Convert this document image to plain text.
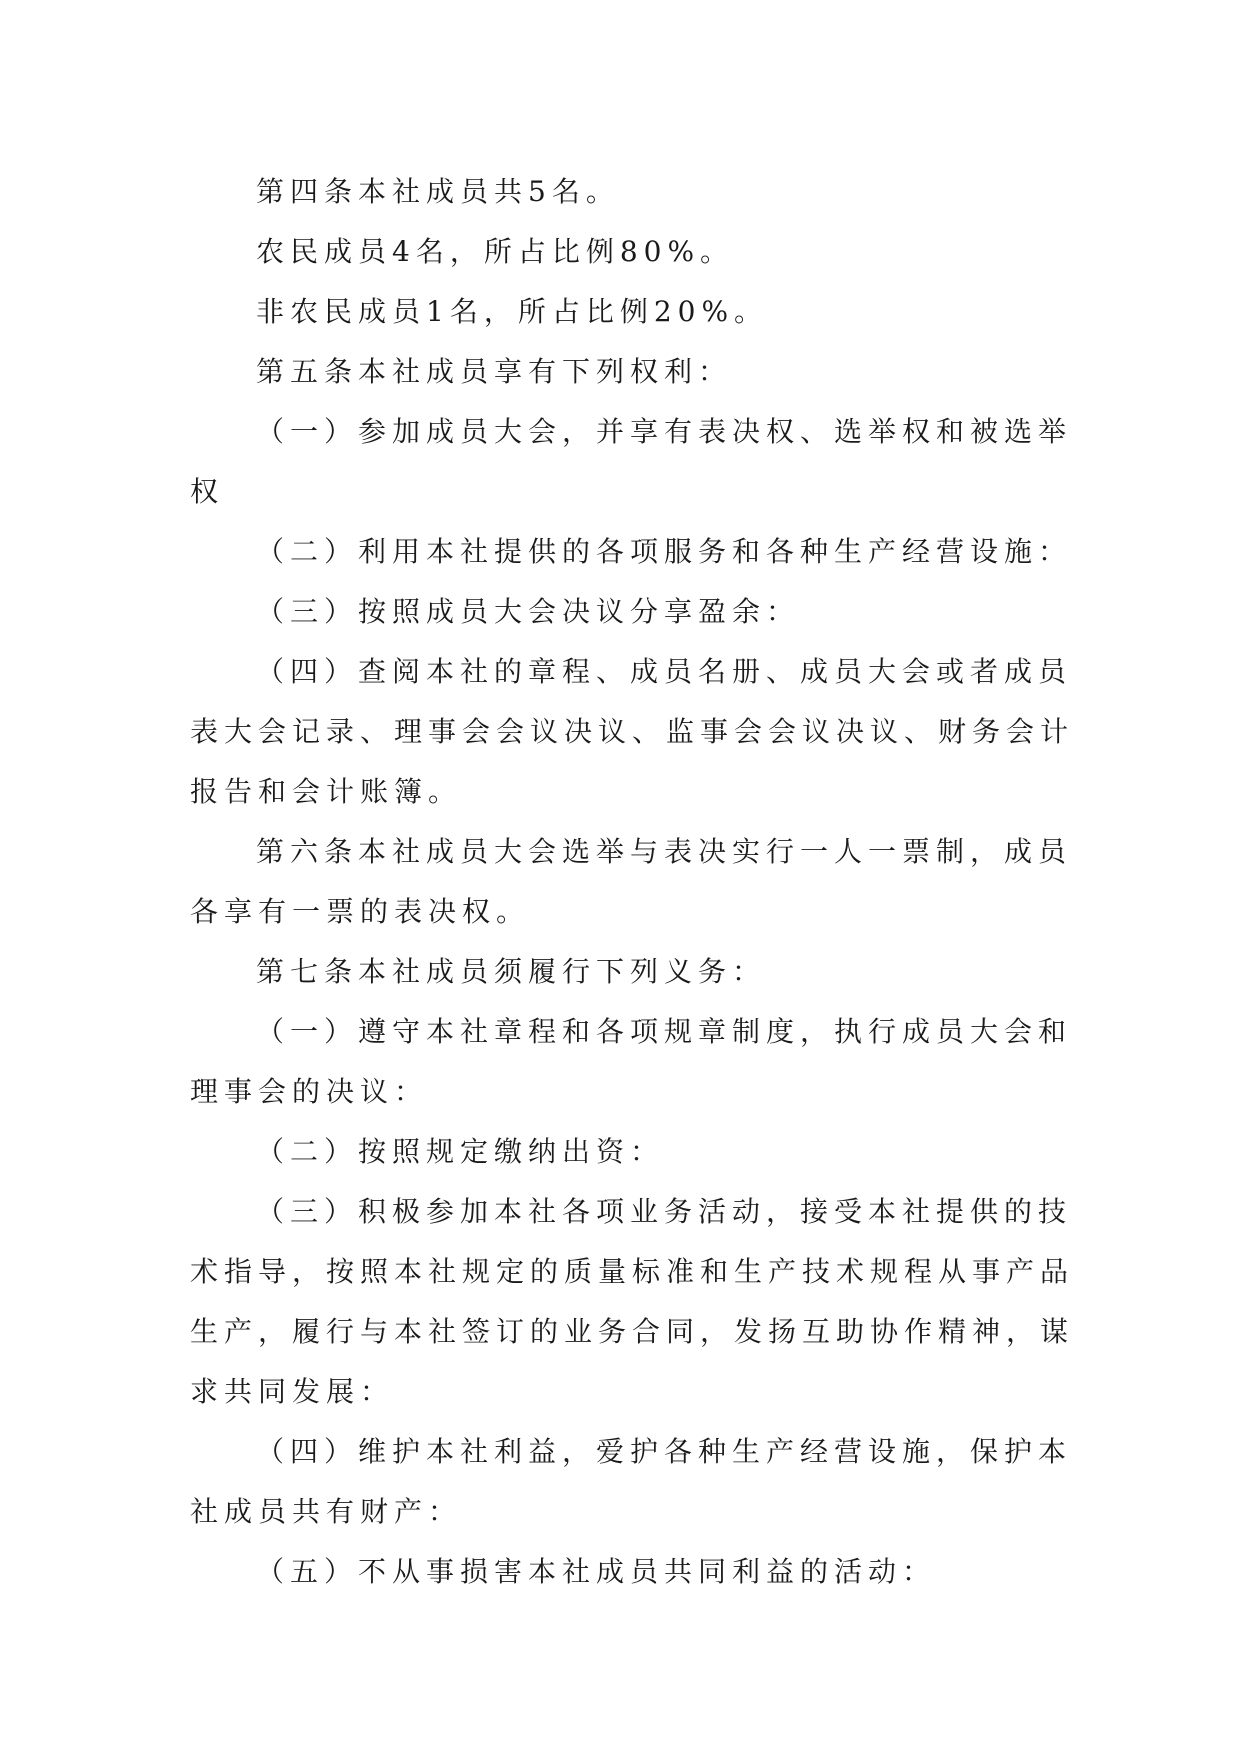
第四条本社成员共5名。
农民成员4名，所占比例80%。
非农民成员1名，所占比例20%。
第五条本社成员享有下列权利：
（一）参加成员大会，并享有表决权、选举权和被选举
权
（二）利用本社提供的各项服务和各种生产经营设施：
（三）按照成员大会决议分享盈余：
（四）查阅本社的章程、成员名册、成员大会或者成员
表大会记录、理事会会议决议、监事会会议决议、财务会计
报告和会计账簿。
第六条本社成员大会选举与表决实行一人一票制，成员
各享有一票的表决权。
第七条本社成员须履行下列义务：
（一）遵守本社章程和各项规章制度，执行成员大会和
理事会的决议：
（二）按照规定缴纳出资：
（三）积极参加本社各项业务活动，接受本社提供的技
术指导，按照本社规定的质量标准和生产技术规程从事产品
生产，履行与本社签订的业务合同，发扬互助协作精神，谋
求共同发展：
（四）维护本社利益，爱护各种生产经营设施，保护本
社成员共有财产：
（五）不从事损害本社成员共同利益的活动：
